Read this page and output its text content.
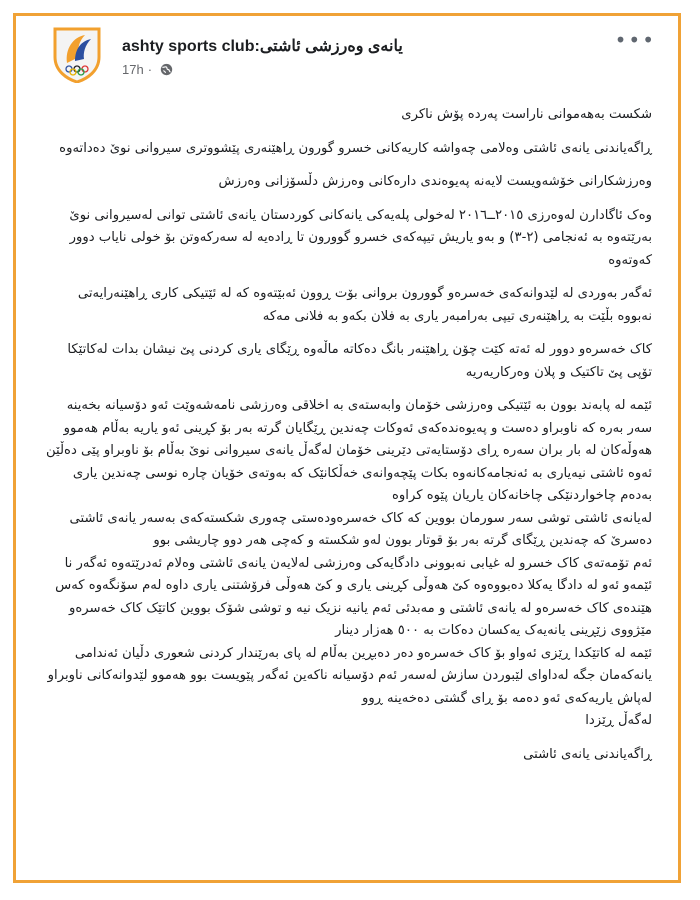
ashty sports club:یانەی وەرزشی ئاشتی
17h ·
•••

شکست بەهەموانی ناراست پەردە پۆش ناکری

ڕاگەیاندنی یانەی ئاشتی وەلامی چەواشە کاریەکانی خسرو گورون ڕاهێنەری پێشووتری سیروانی نوێ دەداتەوە

وەرزشکارانی خۆشەویست لایەنە پەیوەندی دارەکانی وەرزش دڵسۆزانی وەرزش

وەک ئاگادارن لەوەرزی ٢٠١٥ــ٢٠١٦ لەخولی پلەیەکی یانەکانی کوردستان یانەی ئاشتی توانی لەسیروانی نوێ بەرێتەوە بە ئەنجامی (٢-٣) و بەو یاریش تیپەکەی خسرو گوورون تا ڕادەیە لە سەرکەوتن بۆ خولی نایاب دوور کەوتەوە

ئەگەر بەوردی لە لێدوانەکەی خەسرەو گوورون بروانی بۆت ڕوون ئەبێتەوە کە لە ئێتیکی کاری ڕاهێنەرایەتی نەبووە بڵێت بە ڕاهێنەری تیپی بەرامبەر یاری بە فلان بکەو بە فلانی مەکە

کاک خەسرەو دوور لە ئەتە کێت چۆن ڕاهێنەر بانگ دەکاتە ماڵەوە ڕێگای یاری کردنی پێ نیشان بدات لەکاتێکا تۆپی پێ تاکتیک و پلان وەرکاریەریە

ئێمە لە پابەند بوون بە ئێتیکی وەرزشی خۆمان وابەستەی بە اخلاقی وەرزشی نامەشەوێت ئەو دۆسیانە بخەینە سەر بەرە کە ناوبراو دەست و پەیوەندەکەی ئەوکات چەندین ڕێگایان گرتە بەر بۆ کڕینی ئەو یاریە بەڵام هەموو هەوڵەکان لە بار بران سەرە ڕای دۆستایەتی دێرینی خۆمان لەگەڵ یانەی سیروانی نوێ بەڵام بۆ ناوبراو پێی دەڵێن

ئەوە ئاشتی نیەیاری بە ئەنجامەکانەوە بکات پێچەوانەی خەڵکانێک کە بەوتەی خۆیان چارە نوسی چەندین یاری بەدەم چاخواردنێکی چاخانەکان یاریان پێوە کراوە

لەیانەی ئاشتی توشی سەر سورمان بووین کە کاک خەسرەودەستی چەوری شکستەکەی بەسەر یانەی ئاشتی دەسرێ کە چەندین ڕێگای گرتە بەر بۆ قوتار بوون لەو شکستە و کەچی هەر دوو چاریشی بوو

ئەم تۆمەتەی کاک خسرو لە غیابی نەبوونی دادگایەکی وەرزشی لەلایەن یانەی ئاشتی وەلام ئەدرێتەوە ئەگەر نا ئێمەو ئەو لە دادگا یەکلا دەبووەوە کێ هەوڵی کڕینی یاری و کێ هەوڵی فرۆشتنی یاری داوە لەم سۆنگەوە کەس هێندەی کاک خەسرەو لە یانەی ئاشتی و مەبدئی ئەم یانیە نزیک نیە و توشی شۆک بووین کاتێک کاک خەسرەو مێژووی زێڕینی یانەیەک یەکسان دەکات بە ٥٠٠ هەزار دینار

ئێمە لە کاتێکدا ڕێزی ئەواو بۆ کاک خەسرەو دەر دەبڕین بەڵام لە پای بەرێندار کردنی شعوری دڵیان ئەندامی یانەکەمان جگە لەداوای لێبوردن سازش لەسەر ئەم دۆسیانە ناکەین ئەگەر پێویست بوو هەموو لێدوانەکانی ناوبراو لەپاش یاریەکەی ئەو دەمە بۆ ڕای گشتی دەخەینە ڕوو

لەگەڵ ڕێزدا

ڕاگەیاندنی یانەی ئاشتی
